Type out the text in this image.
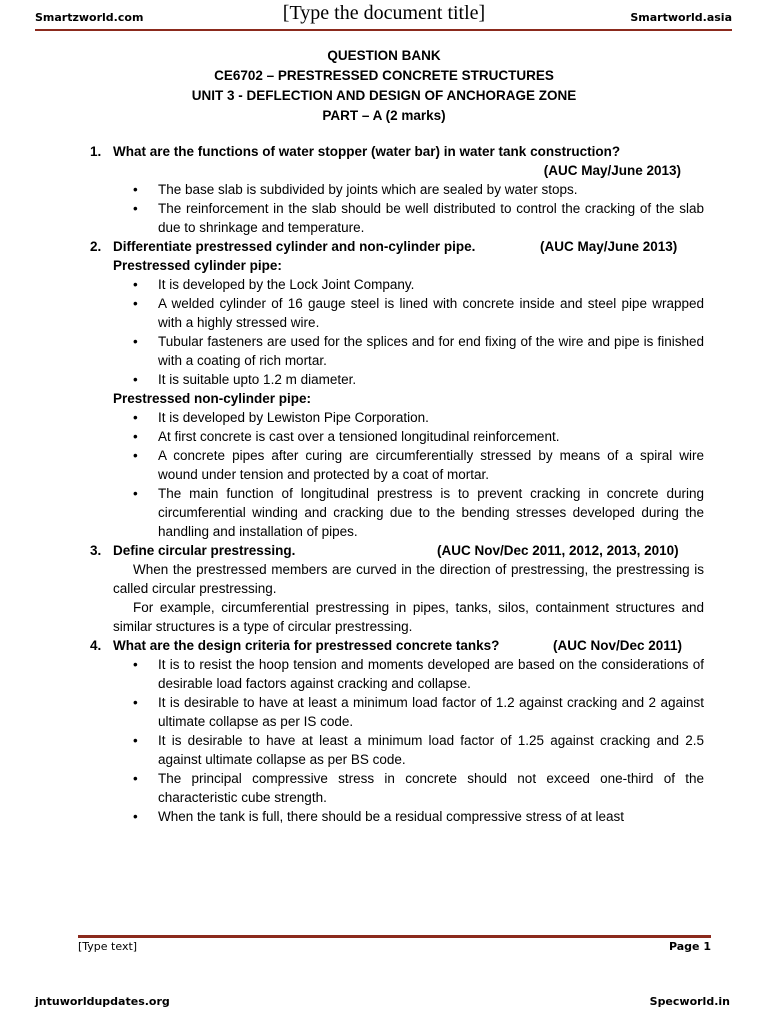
Smartzworld.com	[Type the document title]	Smartworld.asia
QUESTION BANK
CE6702 – PRESTRESSED CONCRETE STRUCTURES
UNIT 3 - DEFLECTION AND DESIGN OF ANCHORAGE ZONE
PART – A (2 marks)
1. What are the functions of water stopper (water bar) in water tank construction?
(AUC May/June 2013)
• The base slab is subdivided by joints which are sealed by water stops.
• The reinforcement in the slab should be well distributed to control the cracking of the slab due to shrinkage and temperature.
2. Differentiate prestressed cylinder and non-cylinder pipe.	(AUC May/June 2013)
Prestressed cylinder pipe:
• It is developed by the Lock Joint Company.
• A welded cylinder of 16 gauge steel is lined with concrete inside and steel pipe wrapped with a highly stressed wire.
• Tubular fasteners are used for the splices and for end fixing of the wire and pipe is finished with a coating of rich mortar.
• It is suitable upto 1.2 m diameter.
Prestressed non-cylinder pipe:
• It is developed by Lewiston Pipe Corporation.
• At first concrete is cast over a tensioned longitudinal reinforcement.
• A concrete pipes after curing are circumferentially stressed by means of a spiral wire wound under tension and protected by a coat of mortar.
• The main function of longitudinal prestress is to prevent cracking in concrete during circumferential winding and cracking due to the bending stresses developed during the handling and installation of pipes.
3. Define circular prestressing.	(AUC Nov/Dec 2011, 2012, 2013, 2010)
When the prestressed members are curved in the direction of prestressing, the prestressing is called circular prestressing.
For example, circumferential prestressing in pipes, tanks, silos, containment structures and similar structures is a type of circular prestressing.
4. What are the design criteria for prestressed concrete tanks?	(AUC Nov/Dec 2011)
• It is to resist the hoop tension and moments developed are based on the considerations of desirable load factors against cracking and collapse.
• It is desirable to have at least a minimum load factor of 1.2 against cracking and 2 against ultimate collapse as per IS code.
• It is desirable to have at least a minimum load factor of 1.25 against cracking and 2.5 against ultimate collapse as per BS code.
• The principal compressive stress in concrete should not exceed one-third of the characteristic cube strength.
• When the tank is full, there should be a residual compressive stress of at least
[Type text]	Page 1
jntuworldupdates.org	Specworld.in
